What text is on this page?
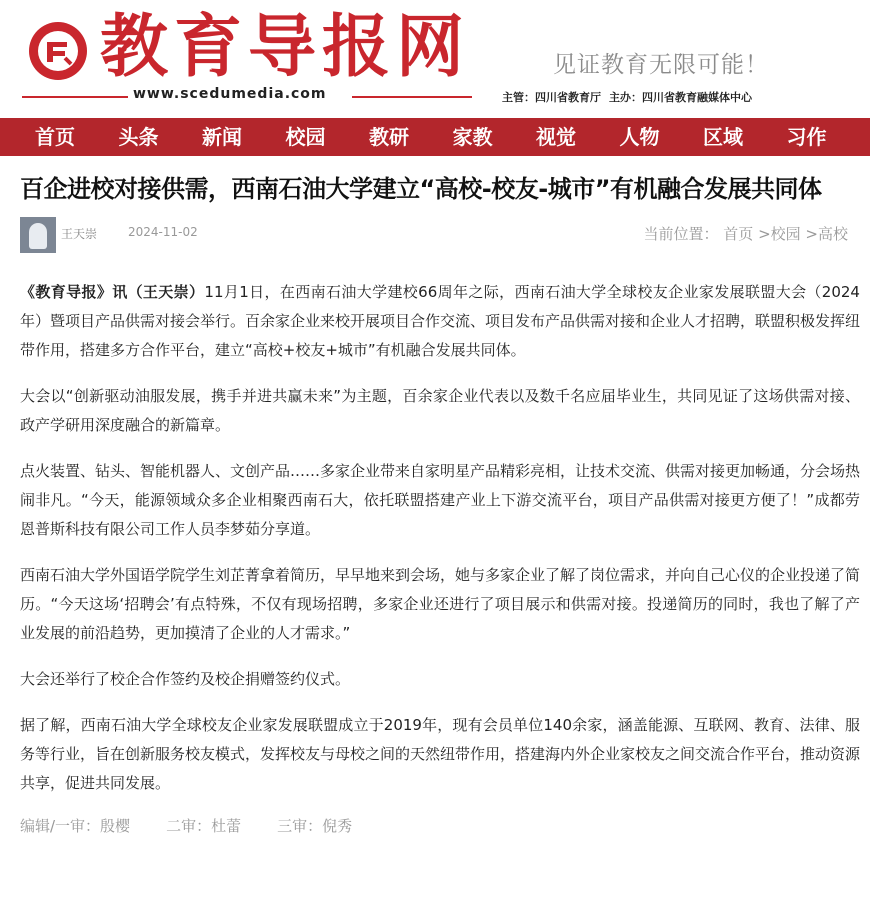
教育导报网
www.scedumedia.com
见证教育无限可能！
主管：四川省教育厅 主办：四川省教育融媒体中心
首页	头条	新闻	校园	教研	家教	视觉	人物	区域	习作
百企进校对接供需，西南石油大学建立“高校-校友-城市”有机融合发展共同体
王天崇	2024-11-02	当前位置： 首页 >校园 >高校

《教育导报》讯（王天崇）11月1日，在西南石油大学建校66周年之际，西南石油大学全球校友企业家发展联盟大会（2024年）暨项目产品供需对接会举行。百余家企业来校开展项目合作交流、项目发布产品供需对接和企业人才招聘，联盟积极发挥纽带作用，搭建多方合作平台，建立“高校+校友+城市”有机融合发展共同体。

大会以“创新驱动油服发展，携手并进共赢未来”为主题，百余家企业代表以及数千名应届毕业生，共同见证了这场供需对接、政产学研用深度融合的新篇章。

点火装置、钻头、智能机器人、文创产品……多家企业带来自家明星产品精彩亮相，让技术交流、供需对接更加畅通，分会场热闹非凡。“今天，能源领域众多企业相聚西南石大，依托联盟搭建产业上下游交流平台，项目产品供需对接更方便了！”成都劳恩普斯科技有限公司工作人员李梦茹分享道。

西南石油大学外国语学院学生刘芷菁拿着简历，早早地来到会场，她与多家企业了解了岗位需求，并向自己心仪的企业投递了简历。“今天这场‘招聘会’有点特殊，不仅有现场招聘，多家企业还进行了项目展示和供需对接。投递简历的同时，我也了解了产业发展的前沿趋势，更加摸清了企业的人才需求。”

大会还举行了校企合作签约及校企捐赠签约仪式。

据了解，西南石油大学全球校友企业家发展联盟成立于2019年，现有会员单位140余家，涵盖能源、互联网、教育、法律、服务等行业，旨在创新服务校友模式，发挥校友与母校之间的天然纽带作用，搭建海内外企业家校友之间交流合作平台，推动资源共享，促进共同发展。

编辑/一审：殷樱 二审：杜蕾 三审：倪秀
